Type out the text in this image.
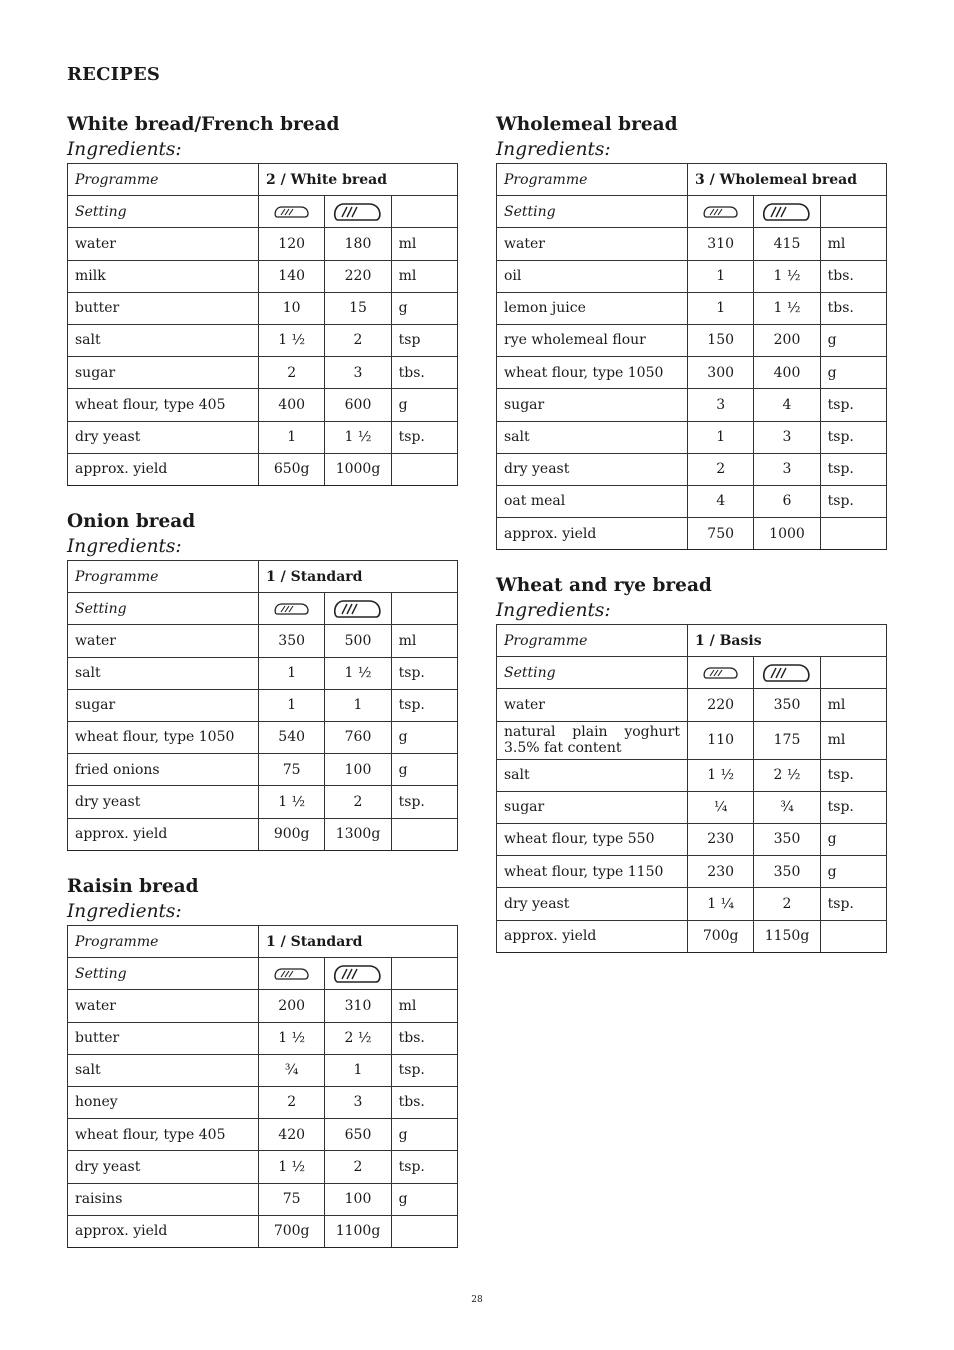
RECIPES
White bread/French bread
Ingredients:
Programme	2 / White bread		
Setting	

water	120	180	ml
milk	140	220	ml
butter	10	15	g
salt	1 ½	2	tsp
sugar	2	3	tbs.
wheat flour, type 405	400	600	g
dry yeast	1	1 ½	tsp.
approx. yield	650g	1000g	
Onion bread
Ingredients:
Programme	1 / Standard		
Setting	

water	350	500	ml
salt	1	1 ½	tsp.
sugar	1	1	tsp.
wheat flour, type 1050	540	760	g
fried onions	75	100	g
dry yeast	1 ½	2	tsp.
approx. yield	900g	1300g	
Raisin bread
Ingredients:
Programme	1 / Standard		
Setting	

water	200	310	ml
butter	1 ½	2 ½	tbs.
salt	¾	1	tsp.
honey	2	3	tbs.
wheat flour, type 405	420	650	g
dry yeast	1 ½	2	tsp.
raisins	75	100	g
approx. yield	700g	1100g	
Wholemeal bread
Ingredients:
Programme	3 / Wholemeal bread		
Setting	

water	310	415	ml
oil	1	1 ½	tbs.
lemon juice	1	1 ½	tbs.
rye wholemeal flour	150	200	g
wheat flour, type 1050	300	400	g
sugar	3	4	tsp.
salt	1	3	tsp.
dry yeast	2	3	tsp.
oat meal	4	6	tsp.
approx. yield	750	1000	
Wheat and rye bread
Ingredients:
Programme	1 / Basis		
Setting	

water	220	350	ml
natural plain yoghurt 3.5% fat content	110	175	ml
salt	1 ½	2 ½	tsp.
sugar	¼	¾	tsp.
wheat flour, type 550	230	350	g
wheat flour, type 1150	230	350	g
dry yeast	1 ¼	2	tsp.
approx. yield	700g	1150g	
28
